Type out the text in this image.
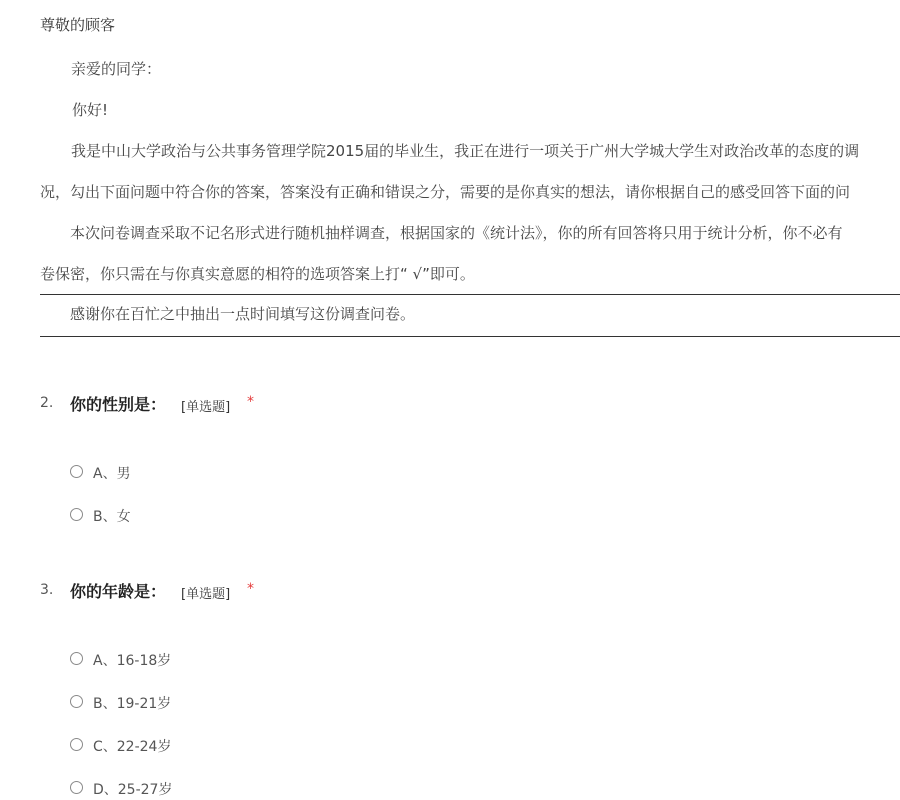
尊敬的顾客
亲爱的同学：
你好!
我是中山大学政治与公共事务管理学院2015届的毕业生，我正在进行一项关于广州大学城大学生对政治改革的态度的调
况，勾出下面问题中符合你的答案，答案没有正确和错误之分，需要的是你真实的想法，请你根据自己的感受回答下面的问
本次问卷调查采取不记名形式进行随机抽样调查，根据国家的《统计法》，你的所有回答将只用于统计分析，你不必有
卷保密，你只需在与你真实意愿的相符的选项答案上打“ √”即可。
感谢你在百忙之中抽出一点时间填写这份调查问卷。
2. 你的性别是： [单选题] *
A、男
B、女
3. 你的年龄是： [单选题] *
A、16-18岁
B、19-21岁
C、22-24岁
D、25-27岁
